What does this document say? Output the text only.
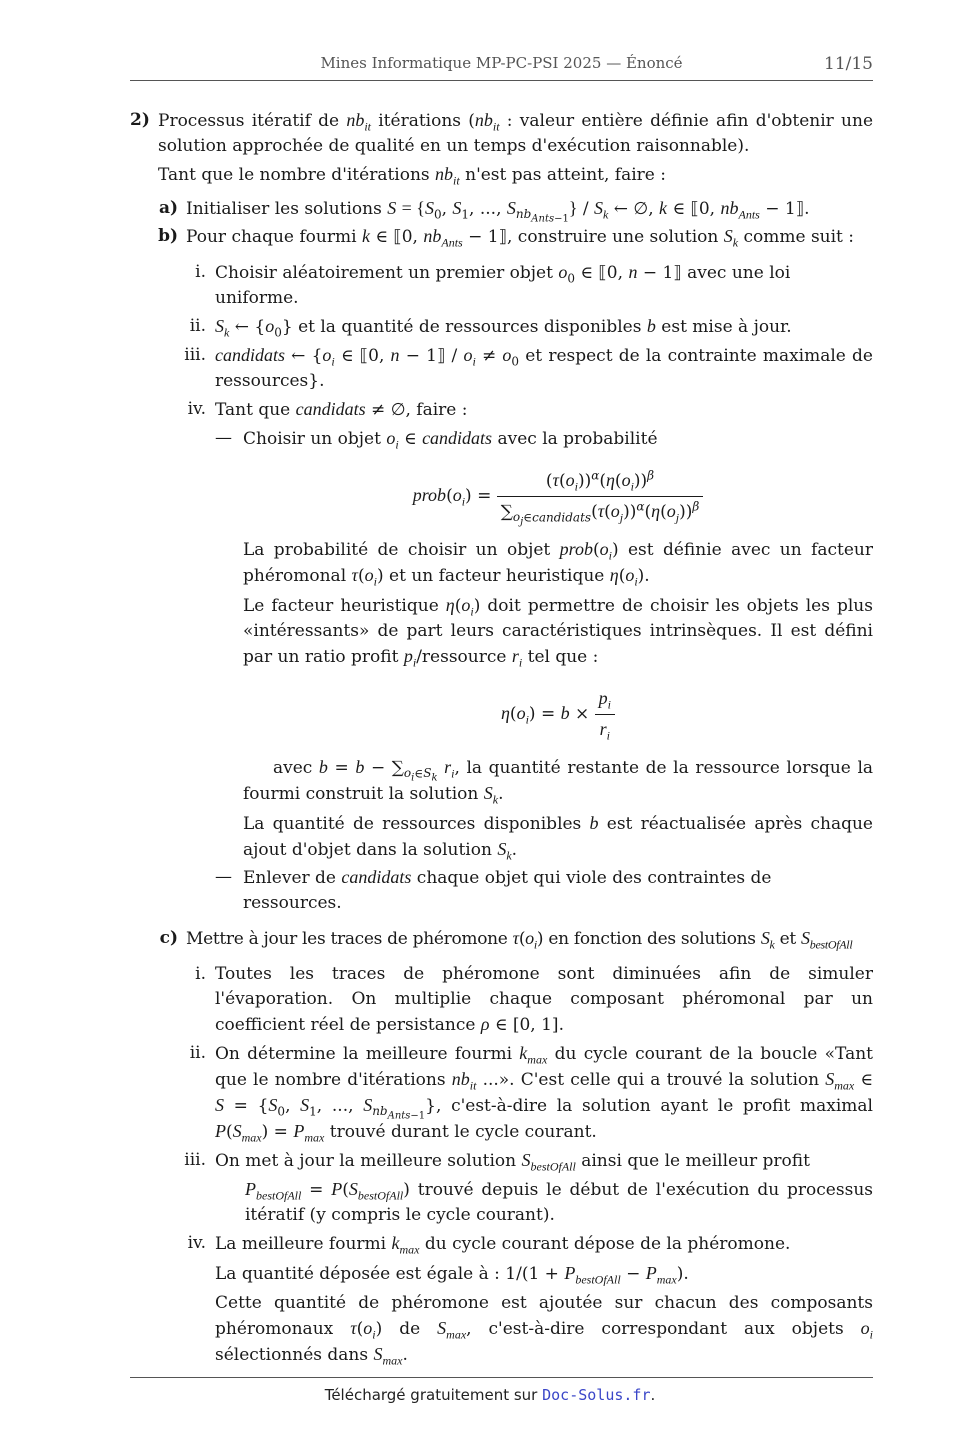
Mines Informatique MP-PC-PSI 2025 — Énoncé	11/15
2) Processus itératif de $nb_{it}$ itérations ($nb_{it}$ : valeur entière définie afin d'obtenir une solution approchée de qualité en un temps d'exécution raisonnable).

Tant que le nombre d'itérations $nb_{it}$ n'est pas atteint, faire :

a) Initialiser les solutions $S = \{S_0$, $S_1$, ..., $S_{nb_{Ants-1}}\} / S_k$ ← ∅, k ∈ ⟦0, $nb_{Ants}$ − 1⟧.

b) Pour chaque fourmi k ∈ ⟦0, $nb_{Ants}$ − 1⟧, construire une solution $S_k$ comme suit :

i. Choisir aléatoirement un premier objet $o_0$ ∈ ⟦0, n − 1⟧ avec une loi uniforme.

ii. $S_k$ ← $\{o_0\}$ et la quantité de ressources disponibles b est mise à jour.

iii. candidats ← {$o_i$ ∈ ⟦0, n − 1⟧ / $o_i \ne o_0$ et respect de la contrainte maximale de ressources}.

iv. Tant que candidats ≠ ∅, faire :

— Choisir un objet $o_i$ ∈ candidats avec la probabilité

$prob(o_i) = \frac{(\tau(o_i))^\alpha(\eta(o_i))^\beta}{\sum_{o_j\in candidats}(\tau(o_j))^\alpha(\eta(o_j))^\beta}$

La probabilité de choisir un objet $prob(o_i)$ est définie avec un facteur phéromonal $\tau(o_i)$ et un facteur heuristique $\eta(o_i)$.

Le facteur heuristique $\eta(o_i)$ doit permettre de choisir les objets les plus «intéressants» de part leurs caractéristiques intrinsèques. Il est défini par un ratio profit $p_i$/ressource $r_i$ tel que :

$\eta(o_i) = b \times \frac{p_i}{r_i}$

avec $b = b - \sum_{o_i\in S_k}$ $r_i$, la quantité restante de la ressource lorsque la fourmi construit la solution $S_k$.

La quantité de ressources disponibles b est réactualisée après chaque ajout d'objet dans la solution $S_k$.

— Enlever de candidats chaque objet qui viole des contraintes de ressources.

c) Mettre à jour les traces de phéromone $\tau(o_i)$ en fonction des solutions $S_k$ et $S_{bestOfAll}$

i. Toutes les traces de phéromone sont diminuées afin de simuler l'évaporation. On multiplie chaque composant phéromonal par un coefficient réel de persistance ρ ∈ [0, 1].

ii. On détermine la meilleure fourmi $k_{max}$ du cycle courant de la boucle «Tant que le nombre d'itérations $nb_{it}$ ...». C'est celle qui a trouvé la solution $S_{max}$ ∈ $S = \{S_0$, $S_1$, ..., $S_{nb_{Ants-1}}$}, c'est-à-dire la solution ayant le profit maximal $P(S_{max}) = P_{max}$ trouvé durant le cycle courant.

iii. On met à jour la meilleure solution $S_{bestOfAll}$ ainsi que le meilleur profit

$P_{bestOfAll} = P(S_{bestOfAll})$ trouvé depuis le début de l'exécution du processus itératif (y compris le cycle courant).

iv. La meilleure fourmi $k_{max}$ du cycle courant dépose de la phéromone.

La quantité déposée est égale à : $1/(1 + P_{bestOfAll} - P_{max})$.

Cette quantité de phéromone est ajoutée sur chacun des composants phéromonaux $\tau(o_i)$ de $S_{max}$, c'est-à-dire correspondant aux objets $o_i$ sélectionnés dans $S_{max}$.

Téléchargé gratuitement sur Doc-Solus.fr.
